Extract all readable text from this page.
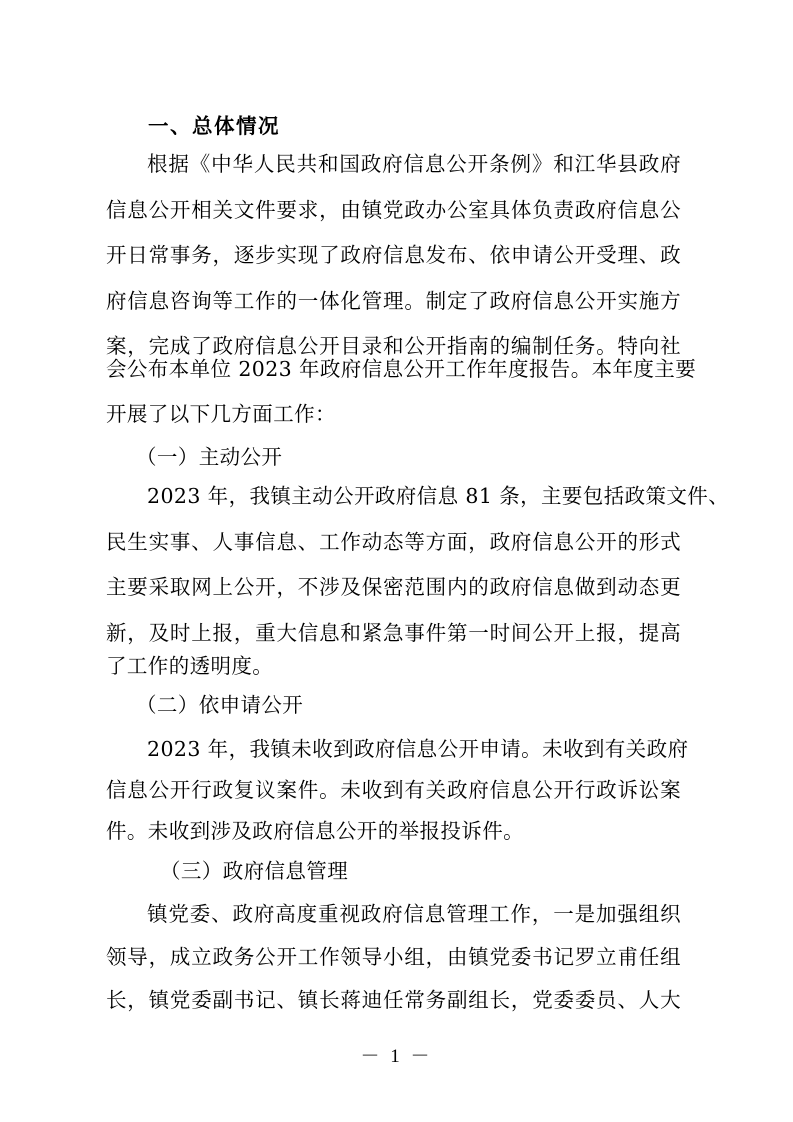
一、总体情况
根据《中华人民共和国政府信息公开条例》和江华县政府
信息公开相关文件要求，由镇党政办公室具体负责政府信息公
开日常事务，逐步实现了政府信息发布、依申请公开受理、政
府信息咨询等工作的一体化管理。制定了政府信息公开实施方
案，完成了政府信息公开目录和公开指南的编制任务。特向社
会公布本单位 2023 年政府信息公开工作年度报告。本年度主要
开展了以下几方面工作：
（一）主动公开
2023 年，我镇主动公开政府信息 81 条，主要包括政策文件、
民生实事、人事信息、工作动态等方面，政府信息公开的形式
主要采取网上公开，不涉及保密范围内的政府信息做到动态更
新，及时上报，重大信息和紧急事件第一时间公开上报，提高
了工作的透明度。
（二）依申请公开
2023 年，我镇未收到政府信息公开申请。未收到有关政府
信息公开行政复议案件。未收到有关政府信息公开行政诉讼案
件。未收到涉及政府信息公开的举报投诉件。
（三）政府信息管理
镇党委、政府高度重视政府信息管理工作，一是加强组织
领导，成立政务公开工作领导小组，由镇党委书记罗立甫任组
长，镇党委副书记、镇长蒋迪任常务副组长，党委委员、人大
－ 1 －
